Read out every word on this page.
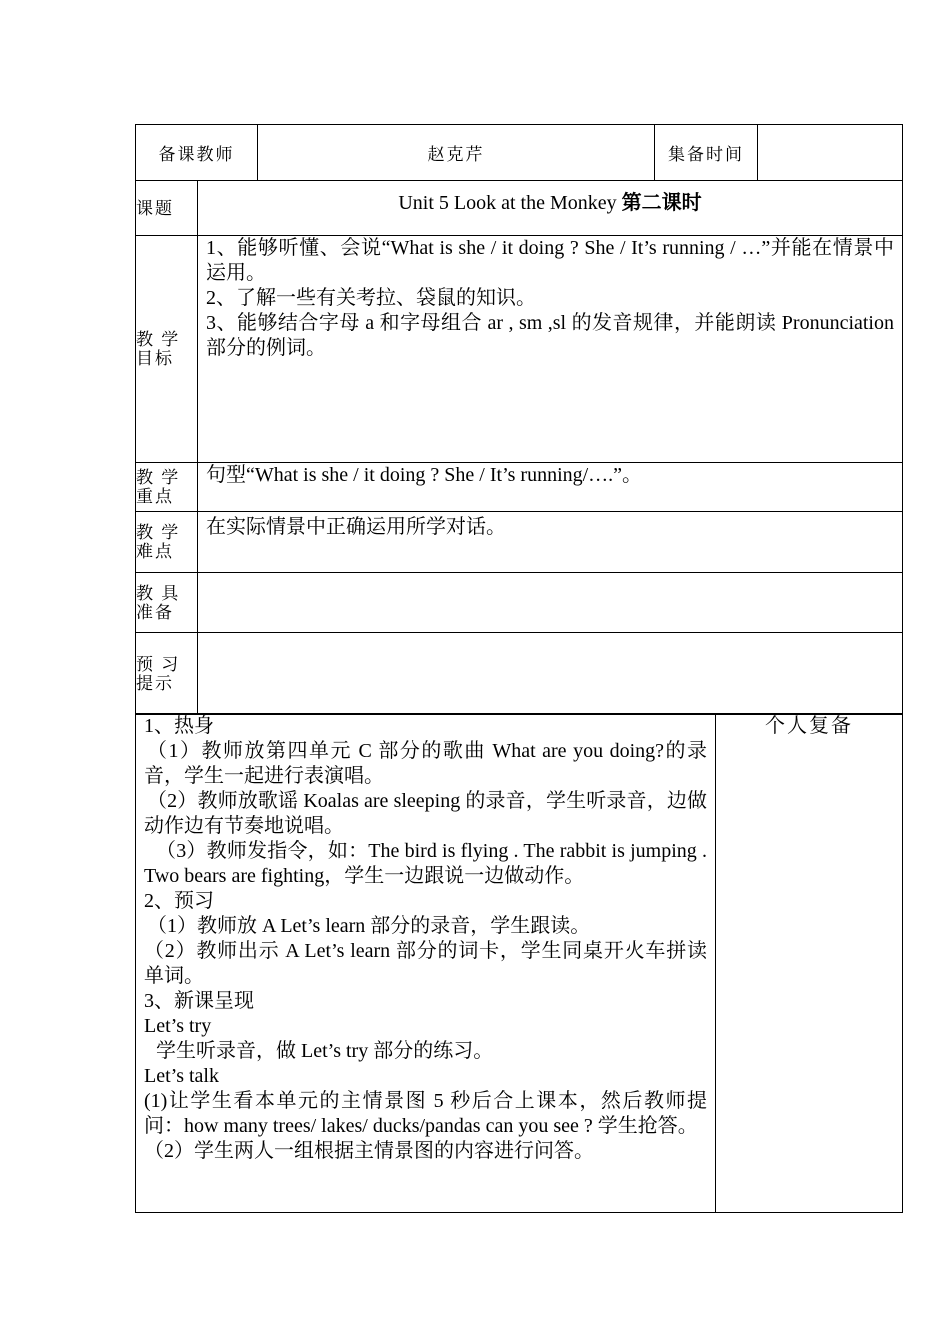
备课教师		赵克芹	集备时间	
课题	Unit 5 Look at the Monkey 第二课时			

教 学
目标	1、能够听懂、会说“What is she / it doing ? She / It’s running / …”并能在情景中运用。
2、了解一些有关考拉、袋鼠的知识。
3、能够结合字母 a 和字母组合 ar , sm ,sl 的发音规律，并能朗读 Pronunciation 部分的例词。			

教 学
重点	句型“What is she / it doing ? She / It’s running/….”。			

教 学
难点	在实际情景中正确运用所学对话。			

教 具
准备				

预 习
提示				

1、热身
（1）教师放第四单元 C 部分的歌曲 What are you doing?的录音，学生一起进行表演唱。
（2）教师放歌谣 Koalas are sleeping 的录音，学生听录音，边做动作边有节奏地说唱。
（3）教师发指令，如：The bird is flying . The rabbit is jumping . Two bears are fighting，学生一边跟说一边做动作。
2、预习
（1）教师放 A Let’s learn 部分的录音，学生跟读。
（2）教师出示 A Let’s learn 部分的词卡，学生同桌开火车拼读单词。
3、新课呈现
Let’s try
学生听录音，做 Let’s try 部分的练习。
Let’s talk
(1)让学生看本单元的主情景图 5 秒后合上课本，然后教师提问：how many trees/ lakes/ ducks/pandas can you see ? 学生抢答。
（2）学生两人一组根据主情景图的内容进行问答。
	个人复备
